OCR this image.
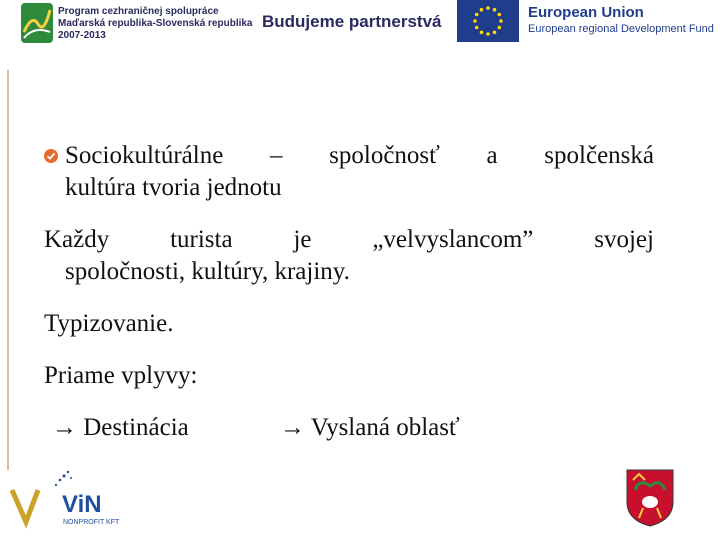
Program cezhraničnej spolupráce
Maďarská republika-Slovenská republika
2007-2013
Budujeme partnerstvá	European Union
European regional Development Fund
Sociokultúrálne – spoločnosť a spolčenská
kultúra tvoria jednotu
Každy turista je „velvyslancom” svojej
spoločnosti, kultúry, krajiny.
Typizovanie.
Priame vplyvy:
→ Destinácia	→ Vyslaná oblasť
ViN
NONPROFIT KFT
